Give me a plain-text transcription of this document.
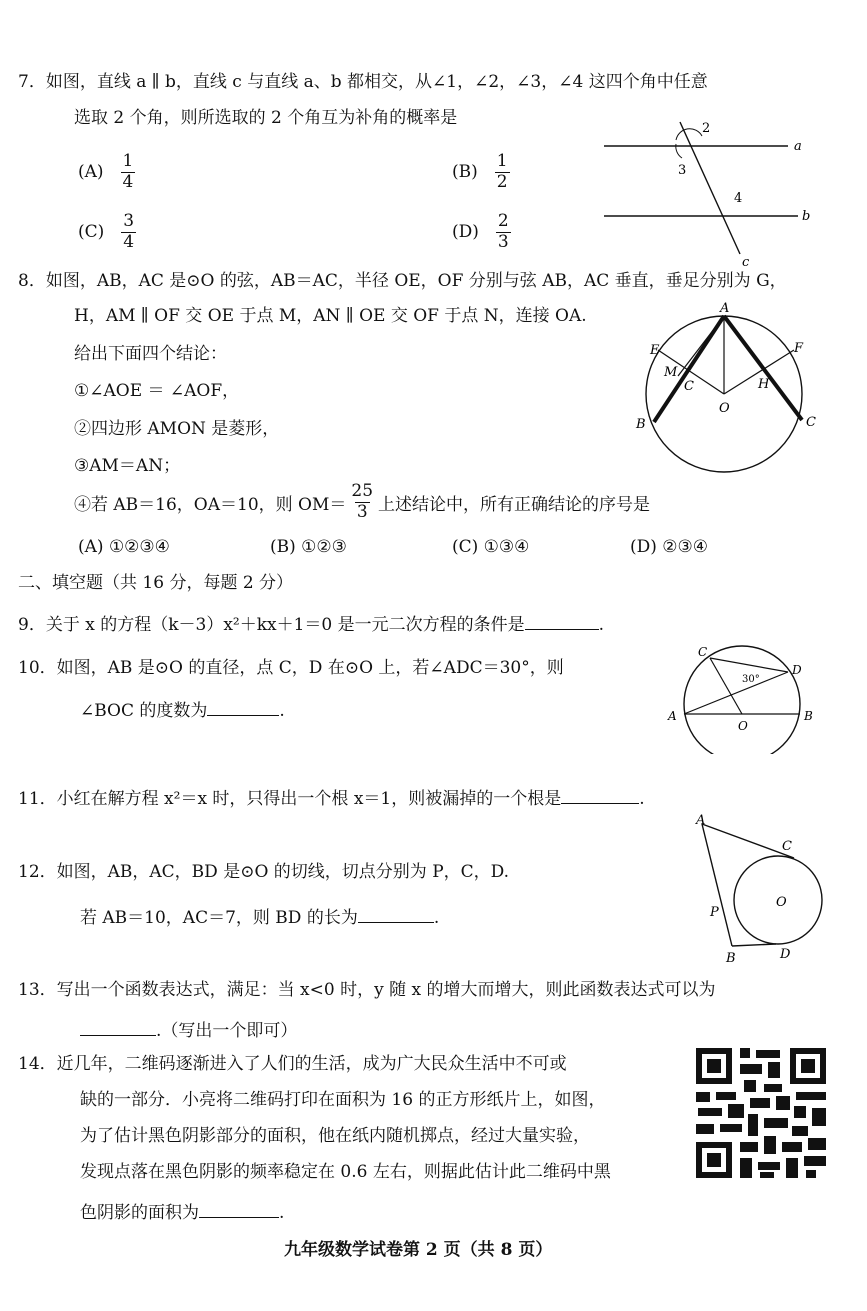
7．如图，直线 a ∥ b，直线 c 与直线 a、b 都相交，从∠1，∠2，∠3，∠4 这四个角中任意
选取 2 个角，则所选取的 2 个角互为补角的概率是
$(A) \frac{1}{4}$	$(B) \frac{1}{2}$
$(C) \frac{3}{4}$	$(D) \frac{2}{3}$
2
3
4
a
b
c
8．如图，AB，AC 是⊙O 的弦，AB＝AC，半径 OE，OF 分别与弦 AB，AC 垂直，垂足分别为 G，
H，AM ∥ OF 交 OE 于点 M，AN ∥ OE 交 OF 于点 N，连接 OA.
给出下面四个结论：
①∠AOE ＝ ∠AOF，
②四边形 AMON 是菱形，
③AM＝AN；
④若 AB＝16，OA＝10，则 $OM= \frac{25}{3}$ 上述结论中，所有正确结论的序号是
(A) ①②③④	(B) ①②③	(C) ①③④	(D) ②③④
A
B	C
E	F
M
C	H
O
二、填空题（共 16 分，每题 2 分）
9．关于 x 的方程（k－3）x²＋kx＋1＝0 是一元二次方程的条件是	.
10．如图，AB 是⊙O 的直径，点 C，D 在⊙O 上，若∠ADC＝30°，则
∠BOC 的度数为	.
C
D
A	B
O
30°
11．小红在解方程 x²＝x 时，只得出一个根 x＝1，则被漏掉的一个根是	.
12．如图，AB，AC，BD 是⊙O 的切线，切点分别为 P，C，D.
若 AB＝10，AC＝7，则 BD 的长为	.
A
C
O
P
B	D
13．写出一个函数表达式，满足：当 x<0 时，y 随 x 的增大而增大，则此函数表达式可以为
.（写出一个即可）
14．近几年，二维码逐渐进入了人们的生活，成为广大民众生活中不可或
缺的一部分．小亮将二维码打印在面积为 16 的正方形纸片上，如图，
为了估计黑色阴影部分的面积，他在纸内随机掷点，经过大量实验，
发现点落在黑色阴影的频率稳定在 0.6 左右，则据此估计此二维码中黑
色阴影的面积为	.
九年级数学试卷第 2 页（共 8 页）
